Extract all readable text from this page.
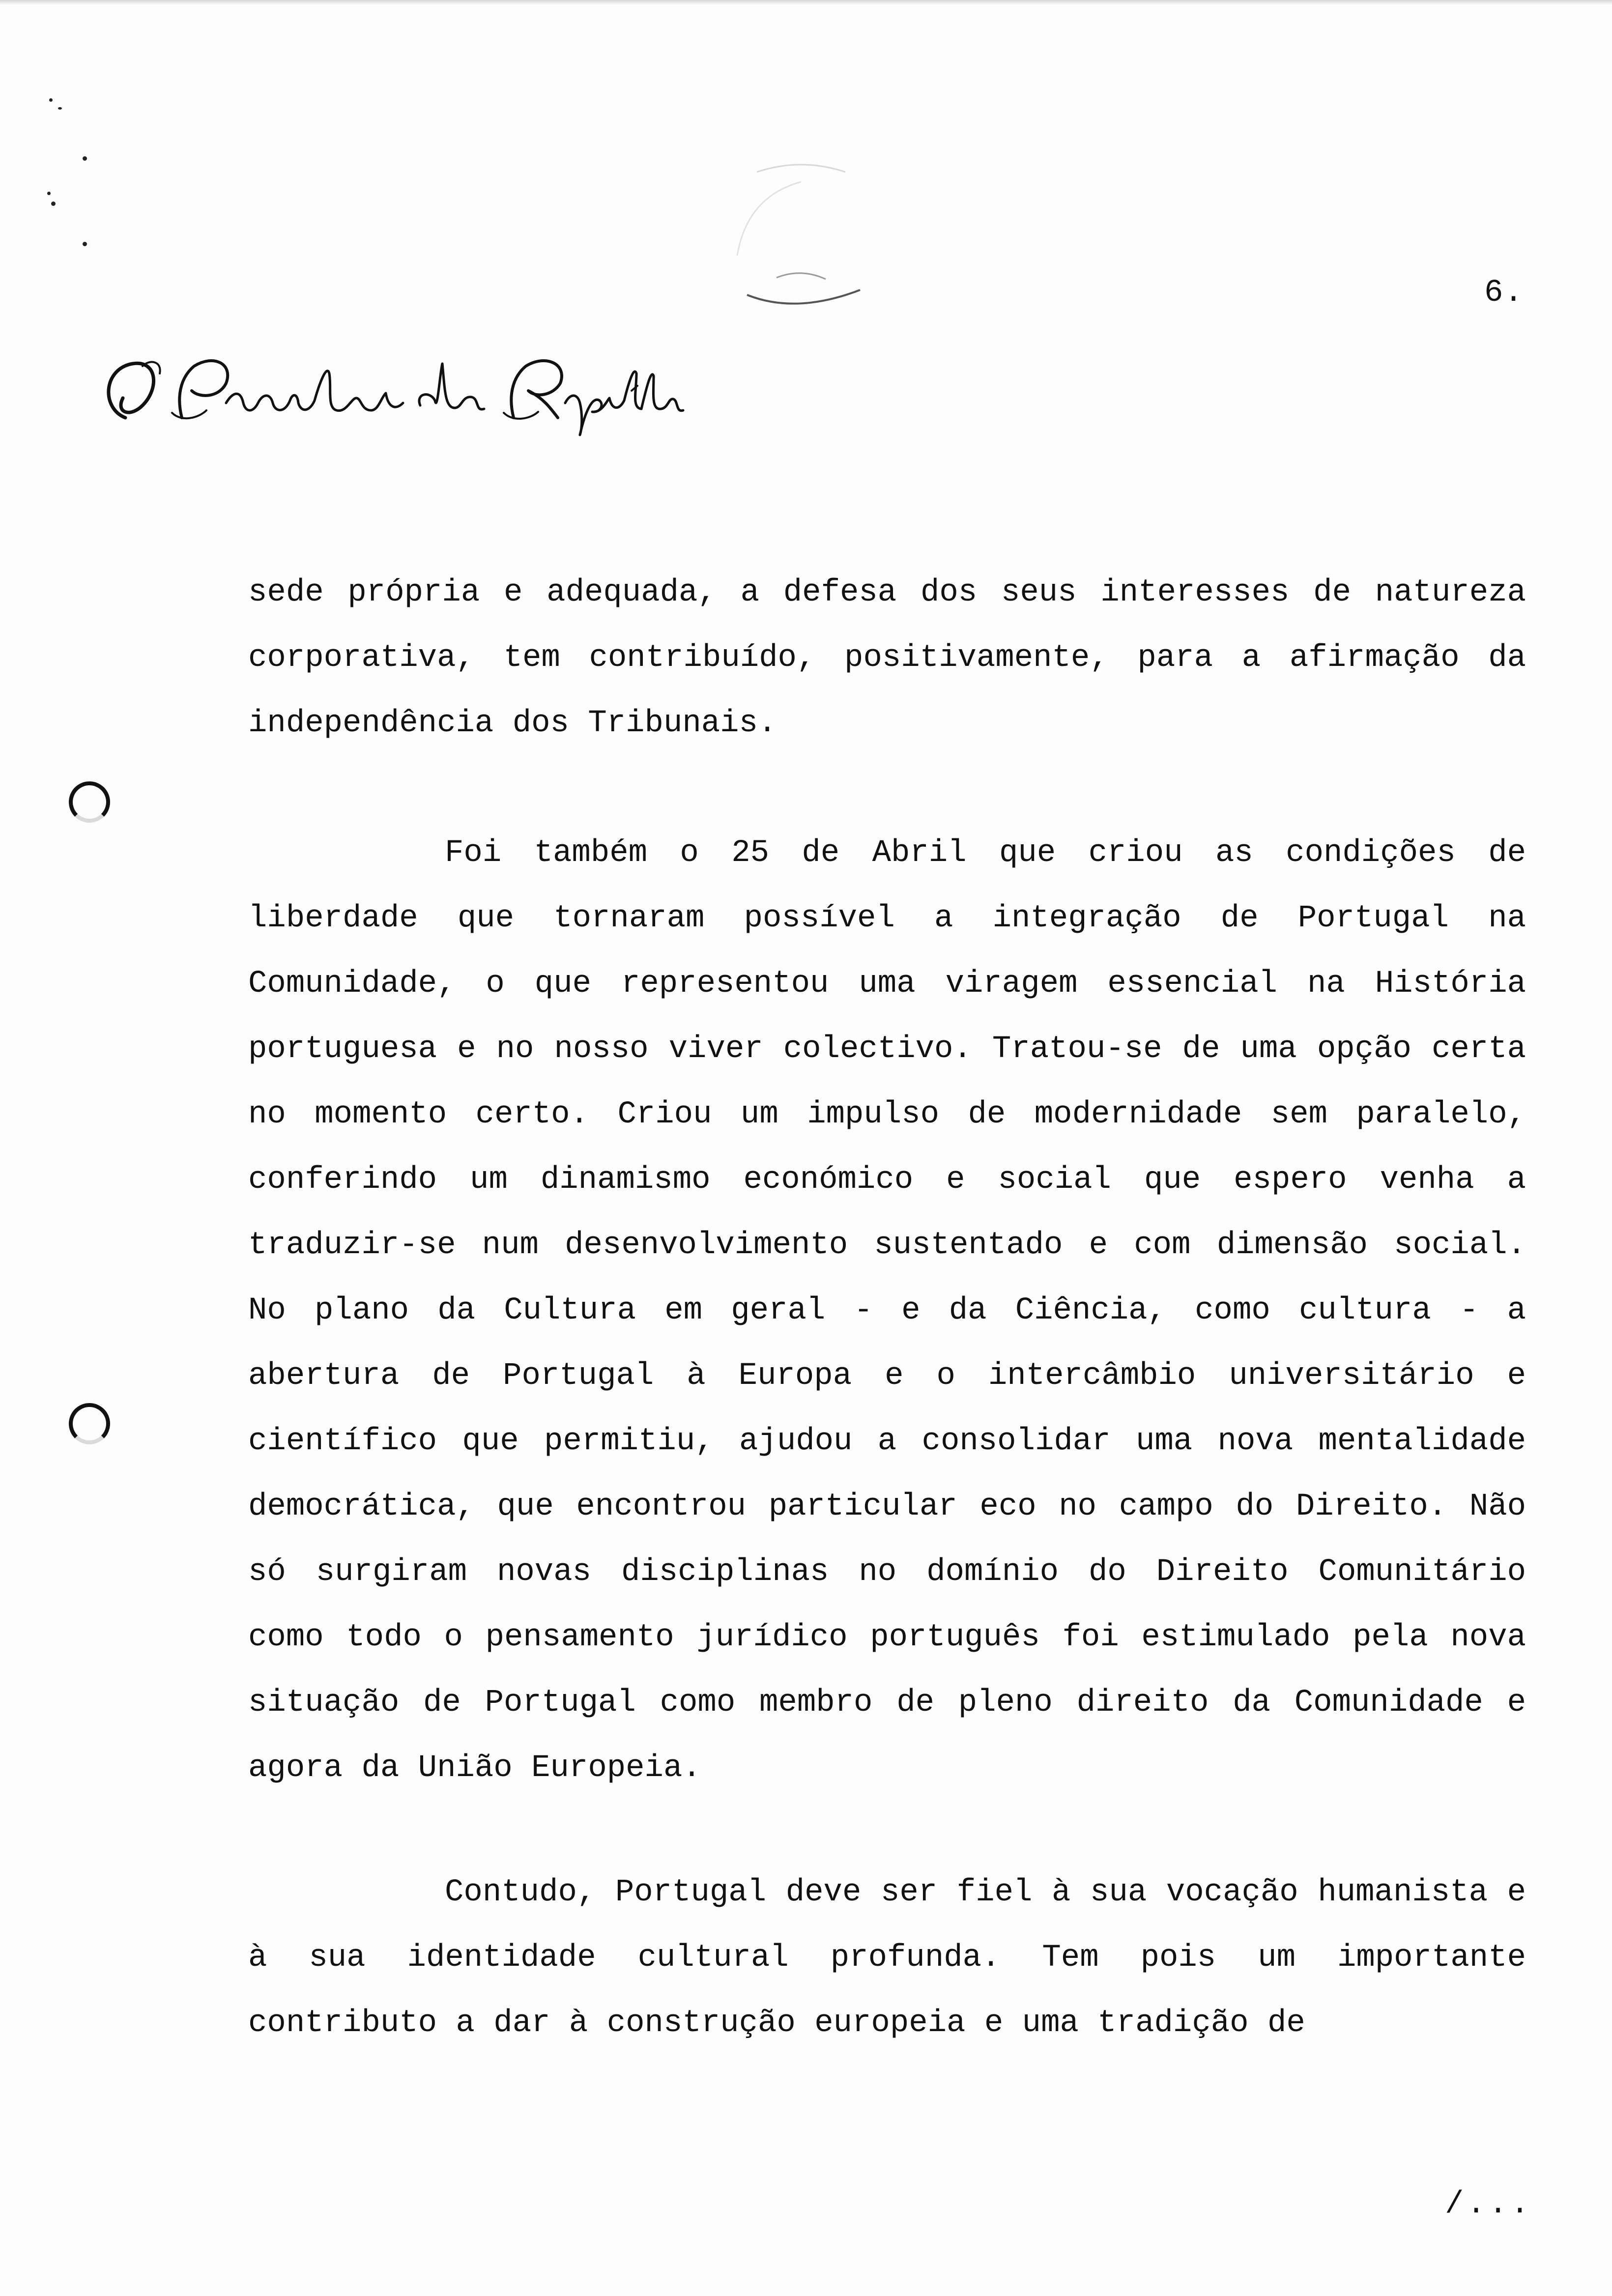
6.

sede própria e adequada, a defesa dos seus interesses de natureza corporativa, tem contribuído, positivamente, para a afirmação da independência dos Tribunais.

Foi também o 25 de Abril que criou as condições de liberdade que tornaram possível a integração de Portugal na Comunidade, o que representou uma viragem essencial na História portuguesa e no nosso viver colectivo. Tratou-se de uma opção certa no momento certo. Criou um impulso de modernidade sem paralelo, conferindo um dinamismo económico e social que espero venha a traduzir-se num desenvolvimento sustentado e com dimensão social. No plano da Cultura em geral - e da Ciência, como cultura - a abertura de Portugal à Europa e o intercâmbio universitário e científico que permitiu, ajudou a consolidar uma nova mentalidade democrática, que encontrou particular eco no campo do Direito. Não só surgiram novas disciplinas no domínio do Direito Comunitário como todo o pensamento jurídico português foi estimulado pela nova situação de Portugal como membro de pleno direito da Comunidade e agora da União Europeia.

Contudo, Portugal deve ser fiel à sua vocação humanista e à sua identidade cultural profunda. Tem pois um importante contributo a dar à construção europeia e uma tradição de

/...
